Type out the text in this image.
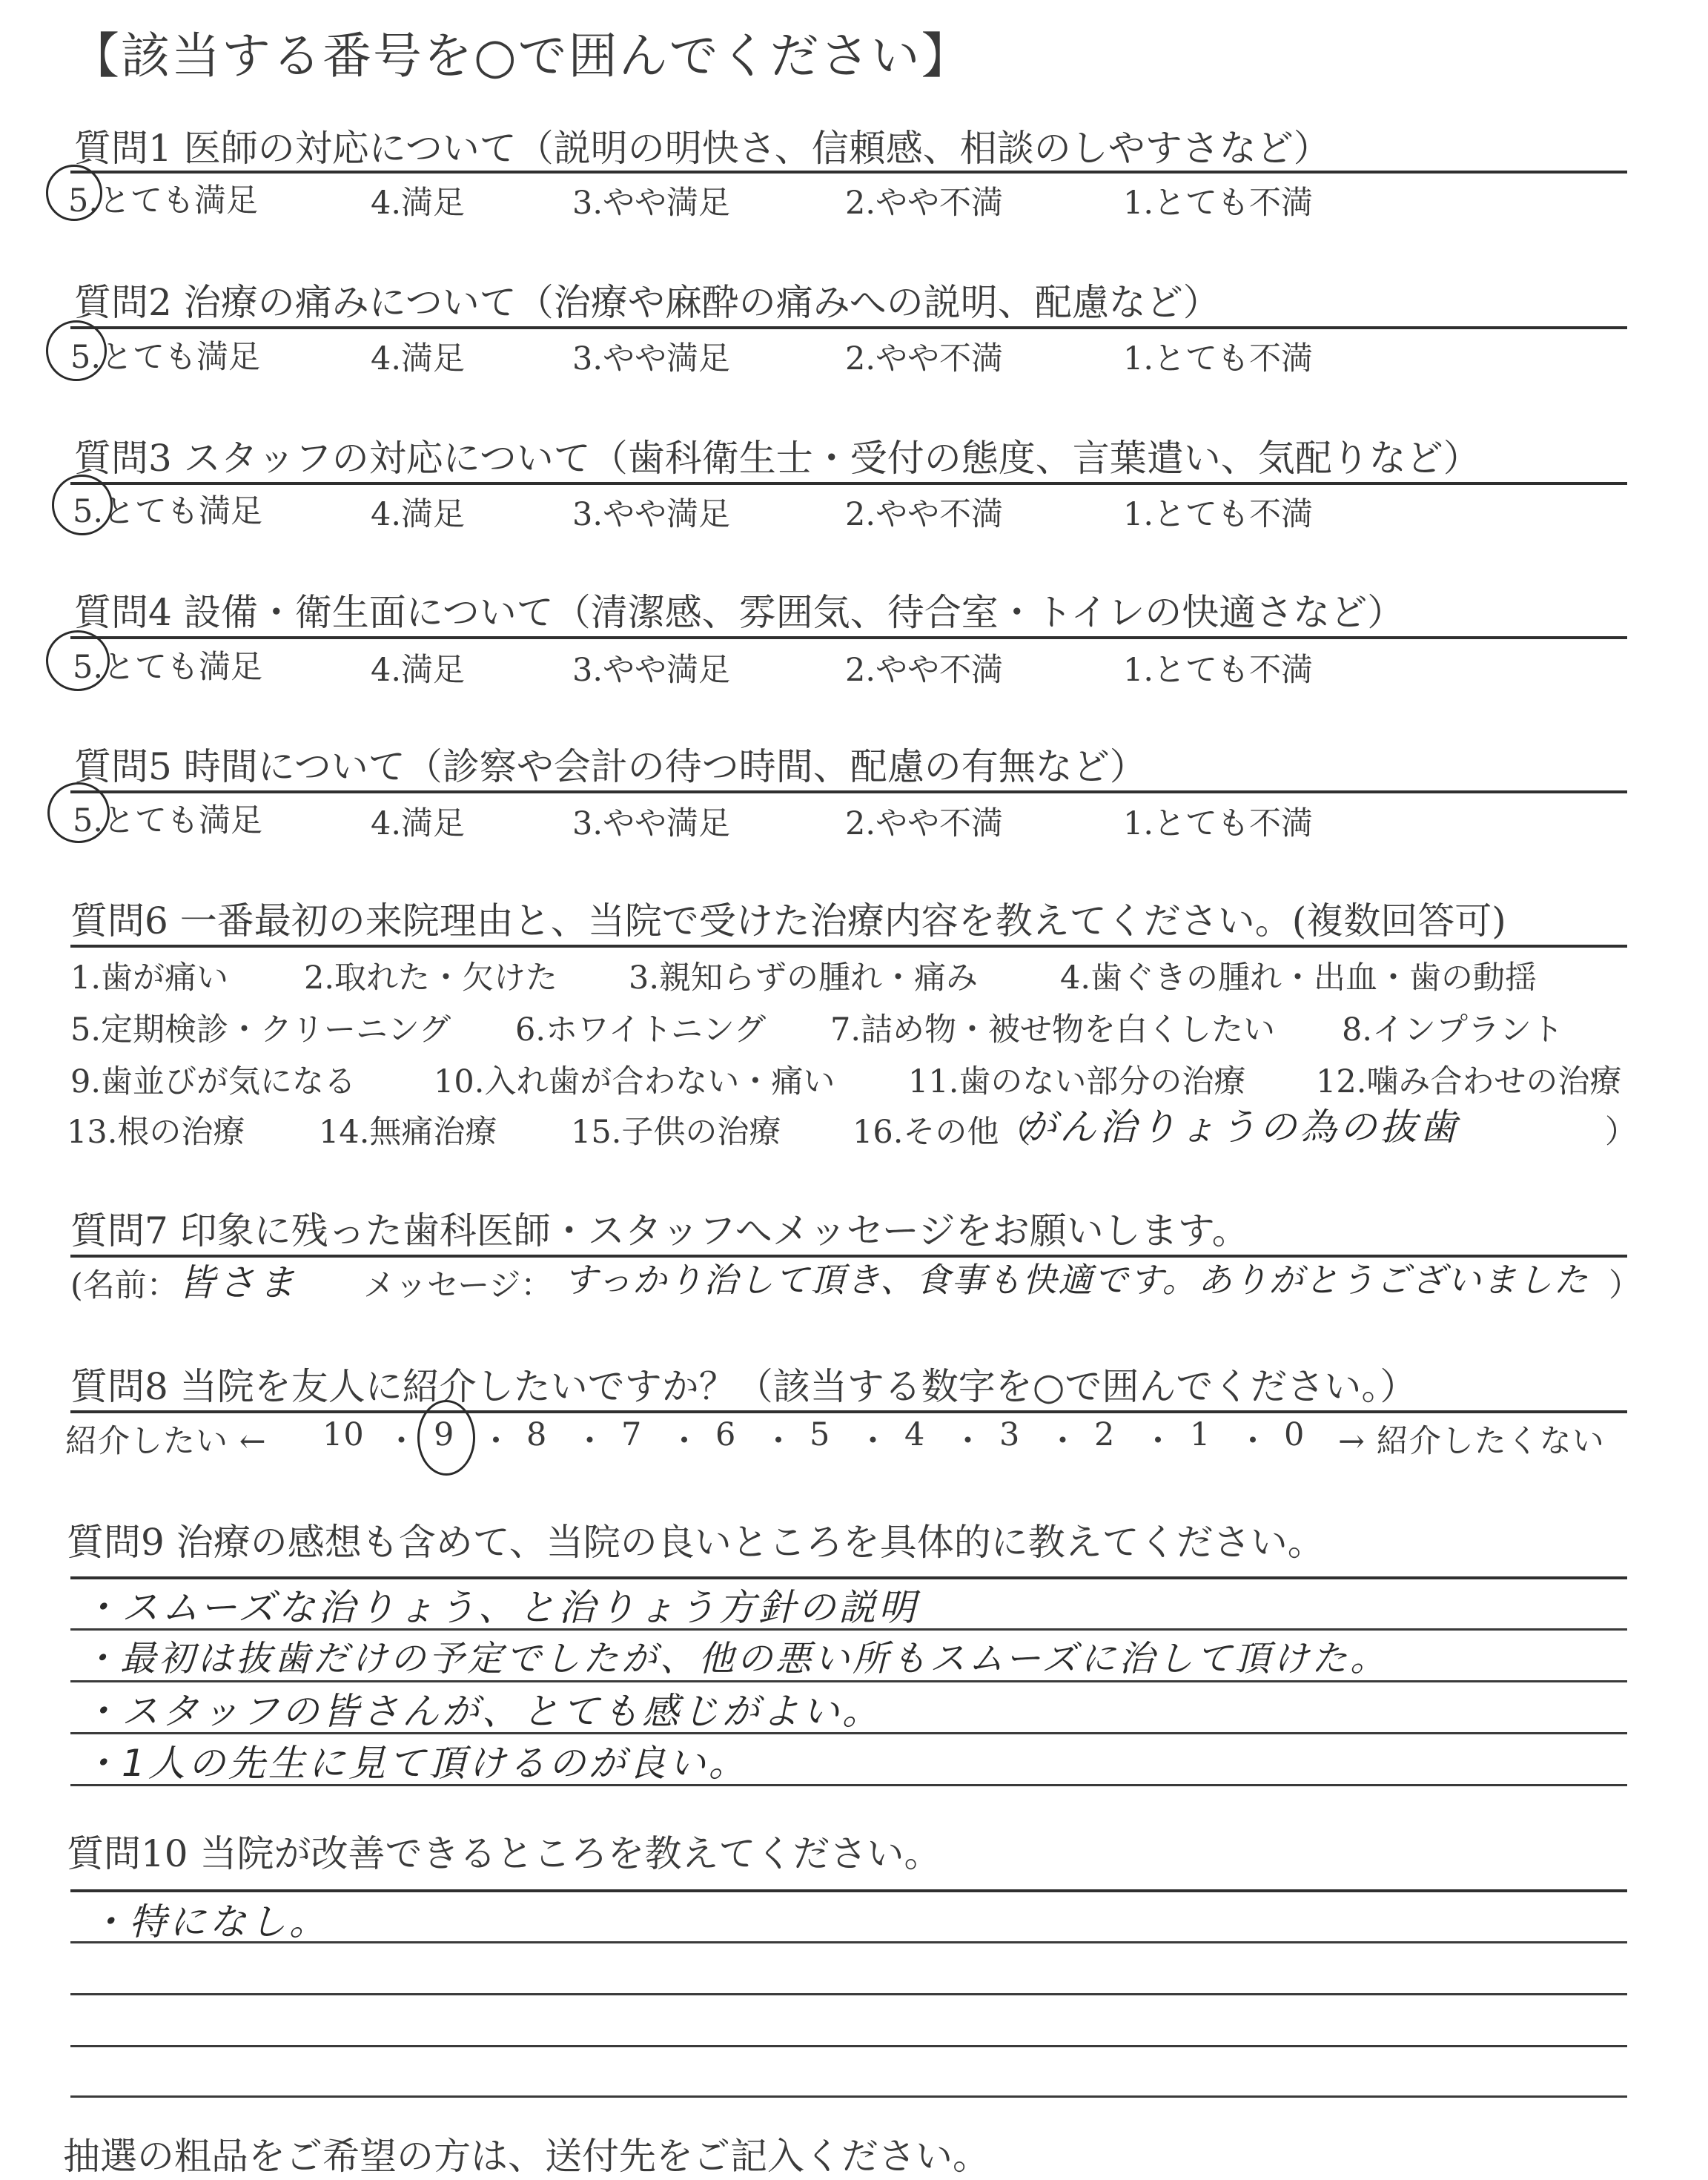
【該当する番号を○で囲んでください】
質問1 医師の対応について（説明の明快さ、信頼感、相談のしやすさなど）
5.とても満足	4.満足	3.やや満足	2.やや不満	1.とても不満
質問2 治療の痛みについて（治療や麻酔の痛みへの説明、配慮など）
5.とても満足	4.満足	3.やや満足	2.やや不満	1.とても不満
質問3 スタッフの対応について（歯科衛生士・受付の態度、言葉遣い、気配りなど）
5.とても満足	4.満足	3.やや満足	2.やや不満	1.とても不満
質問4 設備・衛生面について（清潔感、雰囲気、待合室・トイレの快適さなど）
5.とても満足	4.満足	3.やや満足	2.やや不満	1.とても不満
質問5 時間について（診察や会計の待つ時間、配慮の有無など）
5.とても満足	4.満足	3.やや満足	2.やや不満	1.とても不満
質問6 一番最初の来院理由と、当院で受けた治療内容を教えてください。(複数回答可)
1.歯が痛い 2.取れた・欠けた 3.親知らずの腫れ・痛み	4.歯ぐきの腫れ・出血・歯の動揺
5.定期検診・クリーニング 6.ホワイトニング 7.詰め物・被せ物を白くしたい 8.インプラント
9.歯並びが気になる 10.入れ歯が合わない・痛い 11.歯のない部分の治療 12.噛み合わせの治療
13.根の治療 14.無痛治療 15.子供の治療 16.その他（
がん治りょうの為の抜歯	）
質問7 印象に残った歯科医師・スタッフへメッセージをお願いします。
(名前： 皆さま メッセージ： すっかり治して頂き、食事も快適です。ありがとうございました ）
質問8 当院を友人に紹介したいですか？（該当する数字を○で囲んでください。）
紹介したい ← 10 ・ 9 ・ 8 ・ 7 ・ 6 ・ 5 ・ 4 ・ 3 ・ 2 ・ 1 ・ 0 → 紹介したくない
質問9 治療の感想も含めて、当院の良いところを具体的に教えてください。
・スムーズな治りょう、と治りょう方針の説明
・最初は抜歯だけの予定でしたが、他の悪い所もスムーズに治して頂けた。
・スタッフの皆さんが、とても感じがよい。
・1人の先生に見て頂けるのが良い。
質問10 当院が改善できるところを教えてください。
・特になし。
抽選の粗品をご希望の方は、送付先をご記入ください。
